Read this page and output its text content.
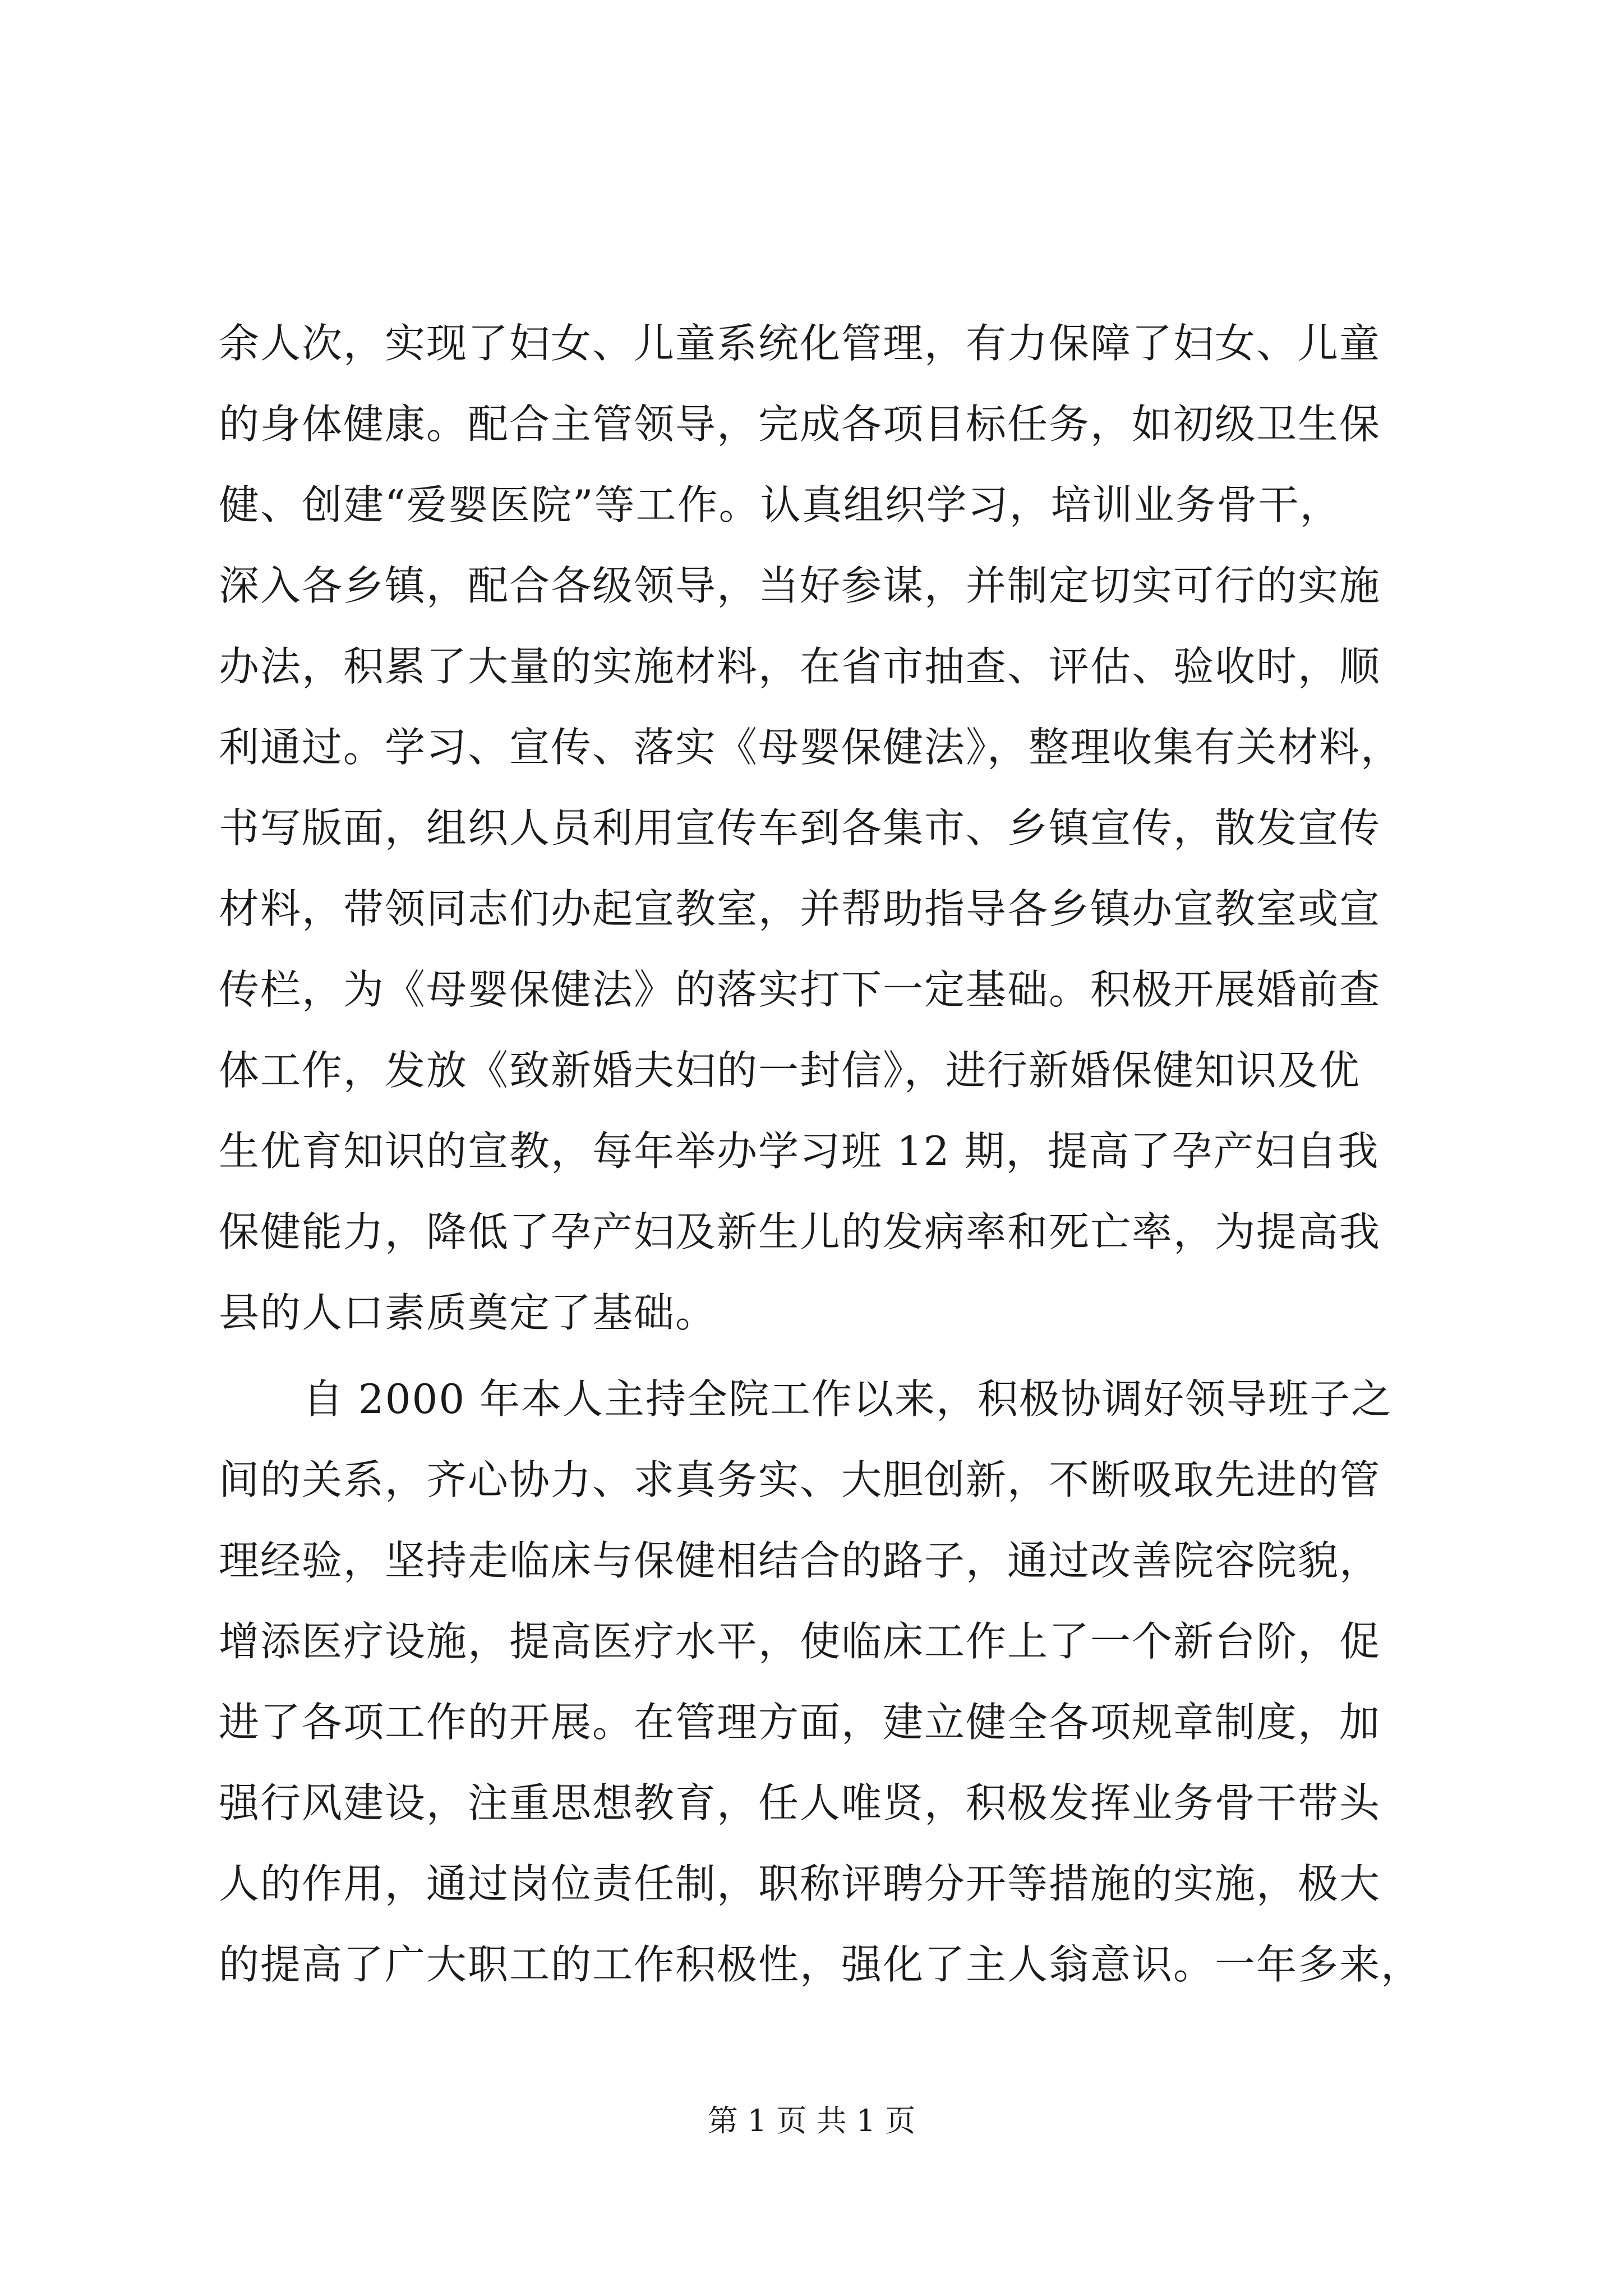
余人次，实现了妇女、儿童系统化管理，有力保障了妇女、儿童
的身体健康。配合主管领导，完成各项目标任务，如初级卫生保
健、创建“爱婴医院”等工作。认真组织学习，培训业务骨干，
深入各乡镇，配合各级领导，当好参谋，并制定切实可行的实施
办法，积累了大量的实施材料，在省市抽查、评估、验收时，顺
利通过。学习、宣传、落实《母婴保健法》，整理收集有关材料，
书写版面，组织人员利用宣传车到各集市、乡镇宣传，散发宣传
材料，带领同志们办起宣教室，并帮助指导各乡镇办宣教室或宣
传栏，为《母婴保健法》的落实打下一定基础。积极开展婚前查
体工作，发放《致新婚夫妇的一封信》，进行新婚保健知识及优
生优育知识的宣教，每年举办学习班 12 期，提高了孕产妇自我
保健能力，降低了孕产妇及新生儿的发病率和死亡率，为提高我
县的人口素质奠定了基础。
自 2000 年本人主持全院工作以来，积极协调好领导班子之
间的关系，齐心协力、求真务实、大胆创新，不断吸取先进的管
理经验，坚持走临床与保健相结合的路子，通过改善院容院貌，
增添医疗设施，提高医疗水平，使临床工作上了一个新台阶，促
进了各项工作的开展。在管理方面，建立健全各项规章制度，加
强行风建设，注重思想教育，任人唯贤，积极发挥业务骨干带头
人的作用，通过岗位责任制，职称评聘分开等措施的实施，极大
的提高了广大职工的工作积极性，强化了主人翁意识。一年多来，
第 1 页 共 1 页
